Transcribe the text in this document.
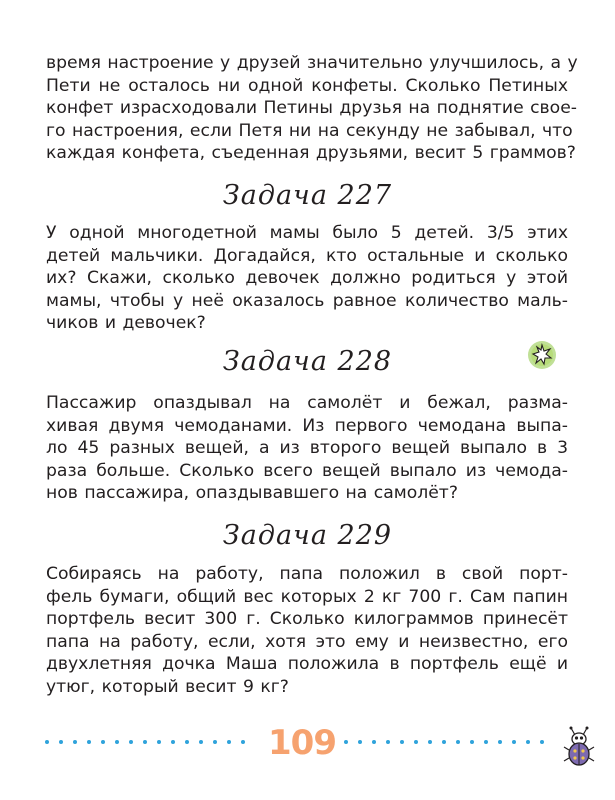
время настроение у друзей значительно улучшилось, а у
Пети не осталось ни одной конфеты. Сколько Петиных
конфет израсходовали Петины друзья на поднятие свое-
го настроения, если Петя ни на секунду не забывал, что
каждая конфета, съеденная друзьями, весит 5 граммов?
Задача 227
У одной многодетной мамы было 5 детей. 3/5 этих
детей мальчики. Догадайся, кто остальные и сколько
их? Скажи, сколько девочек должно родиться у этой
мамы, чтобы у неё оказалось равное количество маль-
чиков и девочек?
Задача 228
Пассажир опаздывал на самолёт и бежал, разма-
хивая двумя чемоданами. Из первого чемодана выпа-
ло 45 разных вещей, а из второго вещей выпало в 3
раза больше. Сколько всего вещей выпало из чемода-
нов пассажира, опаздывавшего на самолёт?
Задача 229
Собираясь на работу, папа положил в свой порт-
фель бумаги, общий вес которых 2 кг 700 г. Сам папин
портфель весит 300 г. Сколько килограммов принесёт
папа на работу, если, хотя это ему и неизвестно, его
двухлетняя дочка Маша положила в портфель ещё и
утюг, который весит 9 кг?
109
